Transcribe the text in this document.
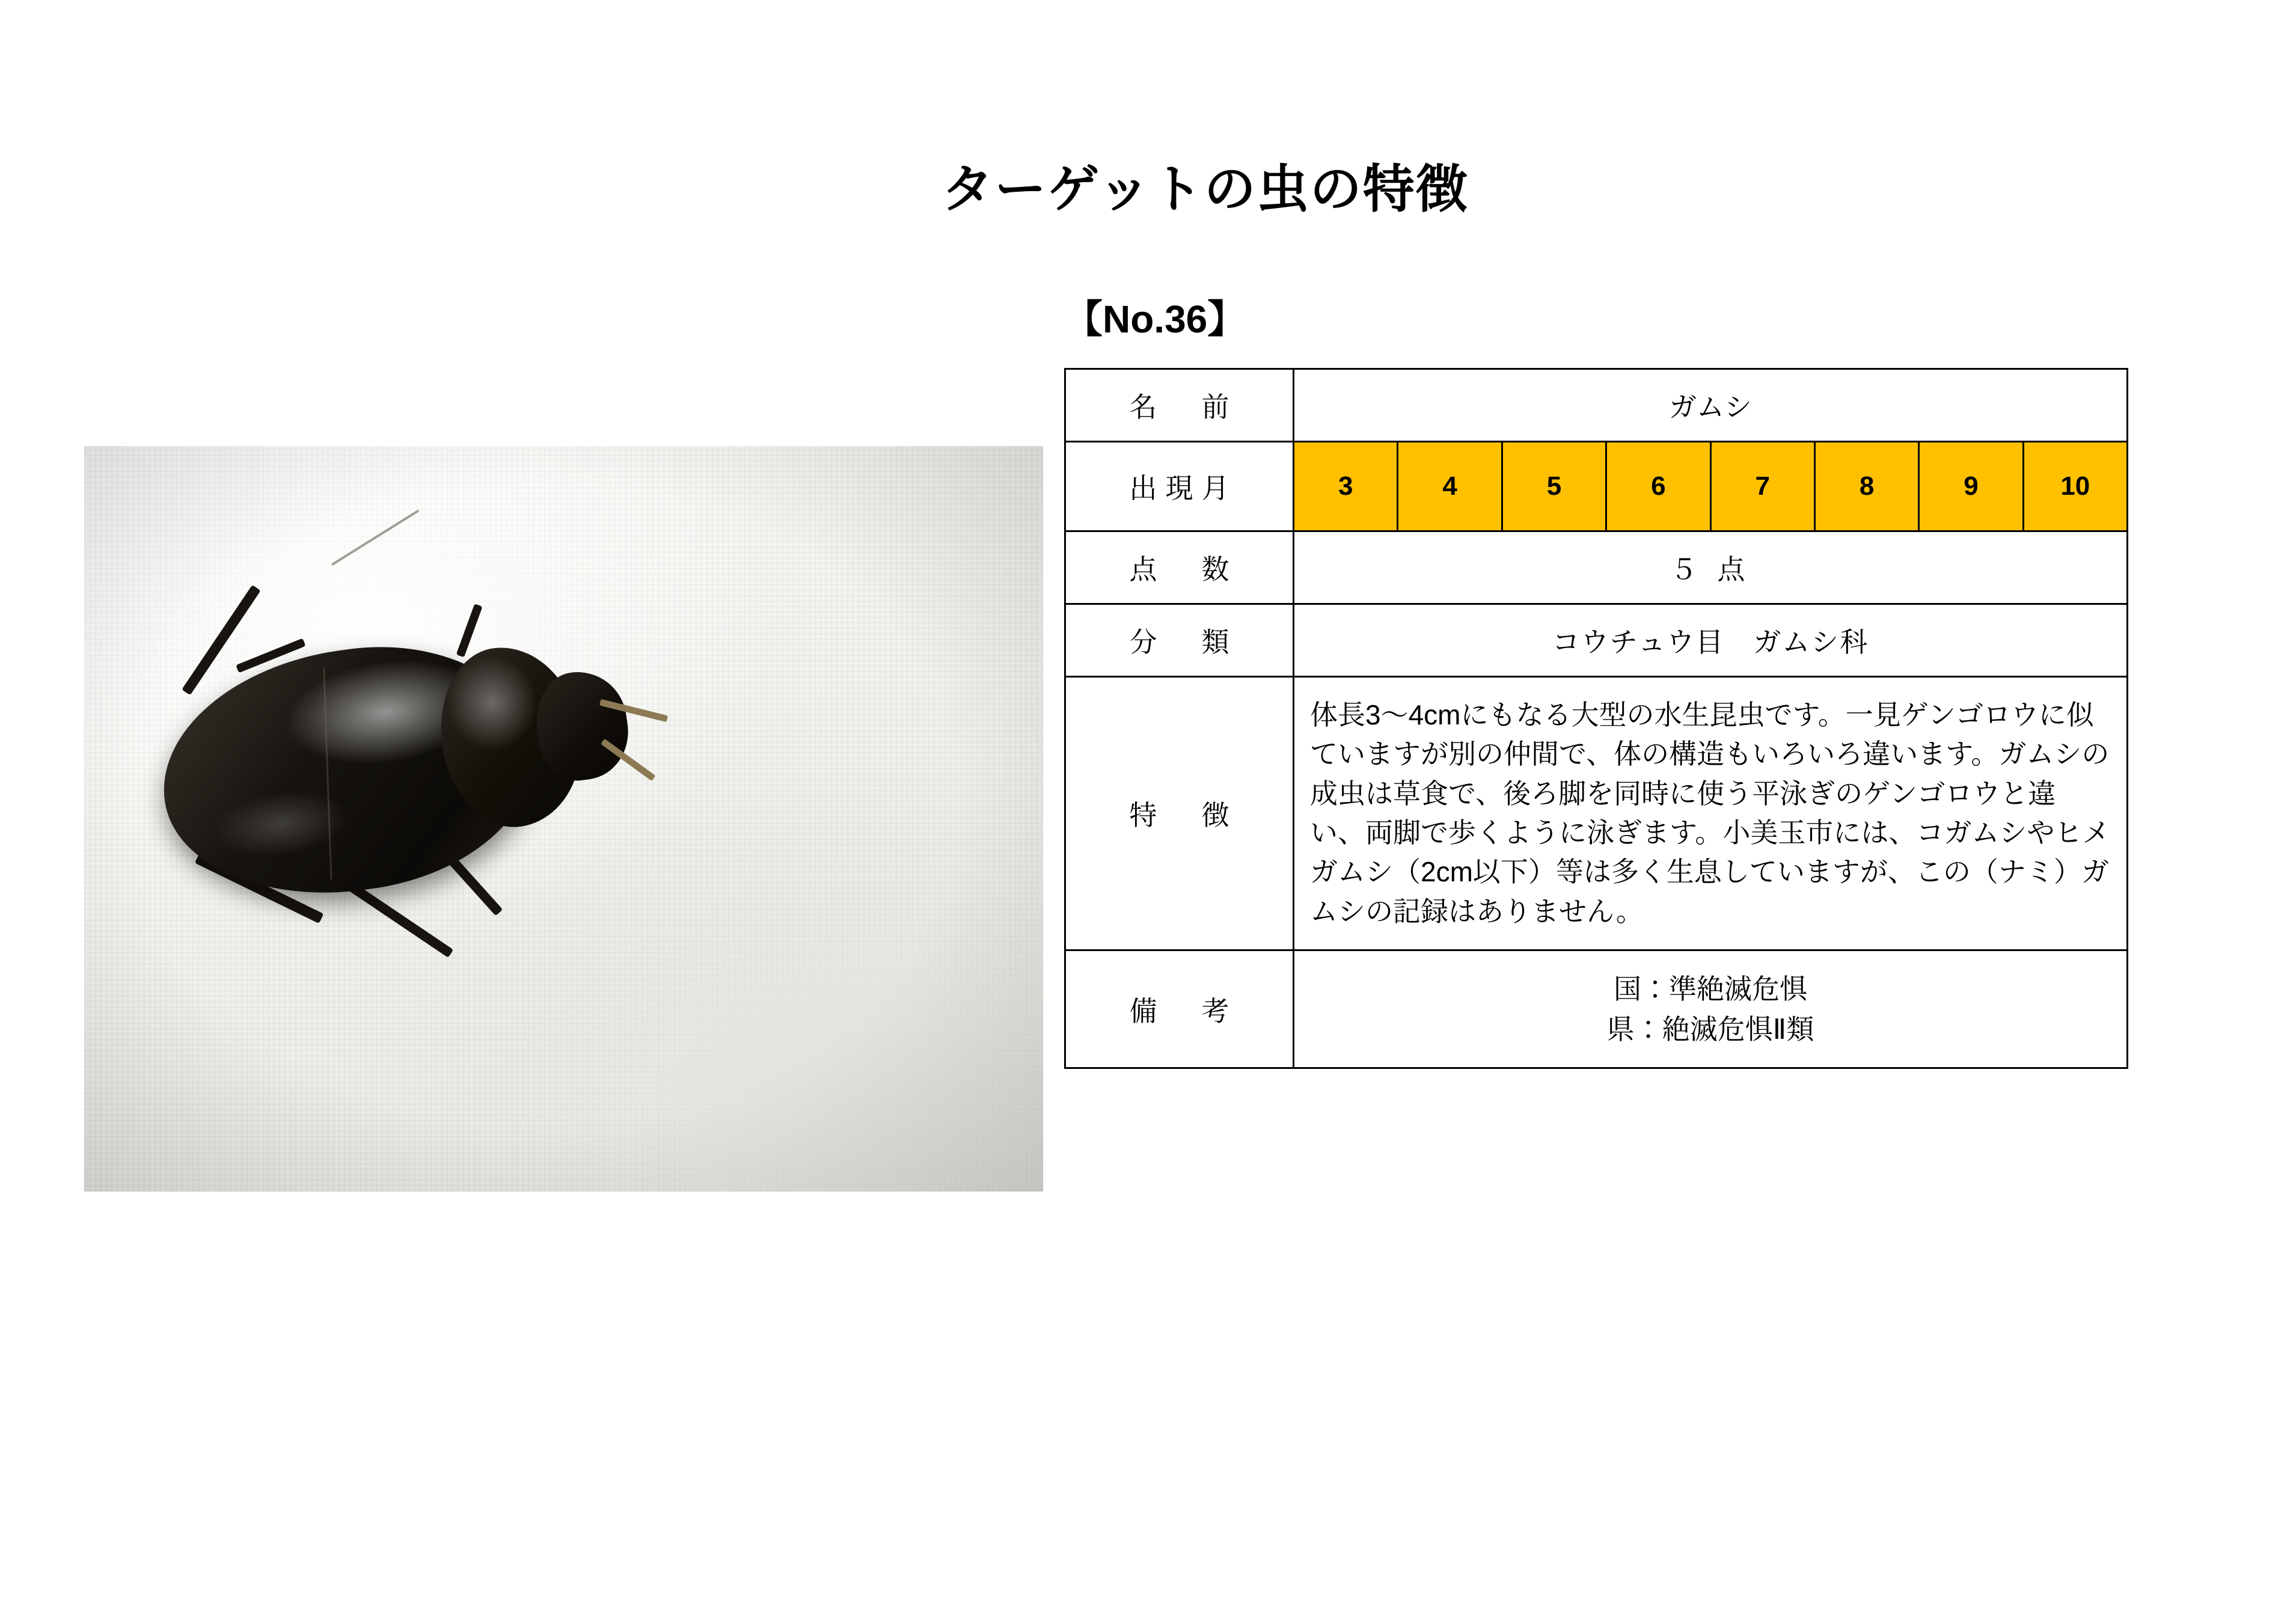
ターゲットの虫の特徴
【No.36】
名　前	ガムシ
出現月	3	4	5	6	7	8	9	10

点　数	５ 点
分　類	コウチュウ目　ガムシ科
特　徴	体長3〜4cmにもなる大型の水生昆虫です。一見ゲンゴロウに似ていますが別の仲間で、体の構造もいろいろ違います。ガムシの成虫は草食で、後ろ脚を同時に使う平泳ぎのゲンゴロウと違い、両脚で歩くように泳ぎます。小美玉市には、コガムシやヒメガムシ（2cm以下）等は多く生息していますが、この（ナミ）ガムシの記録はありません。
備　考	国：準絶滅危惧
県：絶滅危惧Ⅱ類
